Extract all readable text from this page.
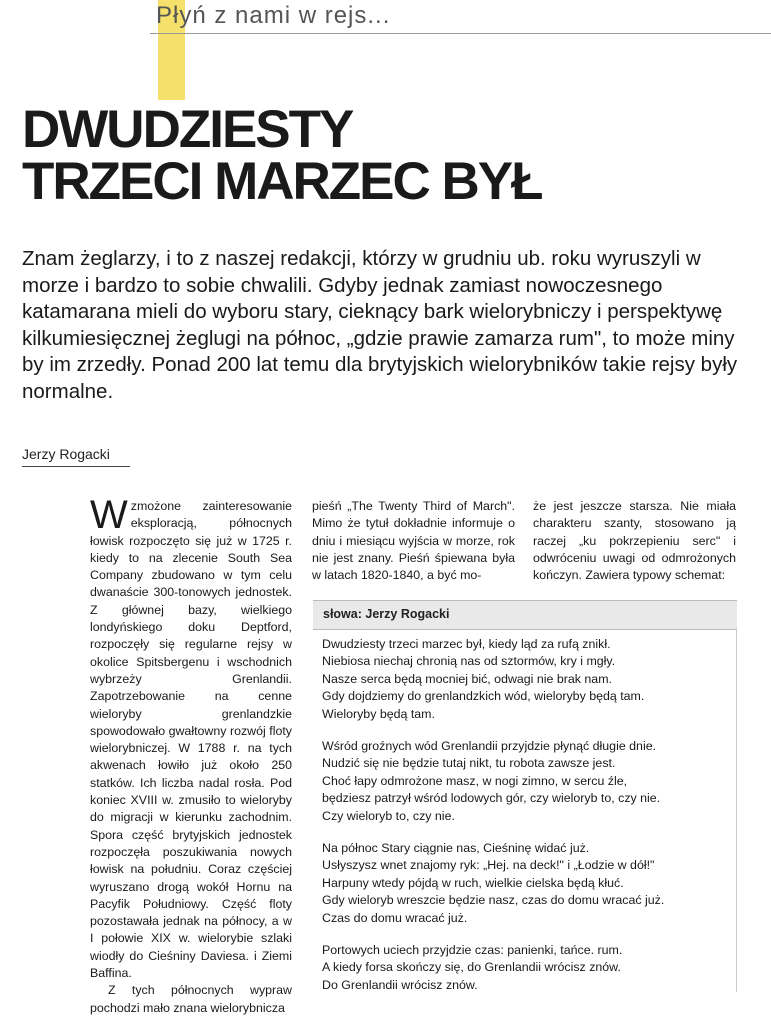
Płyń z nami w rejs...
DWUDZIESTY
TRZECI MARZEC BYŁ

Znam żeglarzy, i to z naszej redakcji, którzy w grudniu ub. roku wyruszyli w morze i bardzo to sobie chwalili. Gdyby jednak zamiast nowoczesnego katamarana mieli do wyboru stary, cieknący bark wielorybniczy i perspektywę kilkumiesięcznej żeglugi na północ, „gdzie prawie zamarza rum", to może miny by im zrzedły. Ponad 200 lat temu dla brytyjskich wielorybników takie rejsy były normalne.

Jerzy Rogacki
Wzmożone zainteresowanie eksploracją, północnych łowisk rozpoczęto się już w 1725 r. kiedy to na zlecenie South Sea Company zbudowano w tym celu dwanaście 300-tonowych jednostek. Z głównej bazy, wielkiego londyńskiego doku Deptford, rozpoczęły się regularne rejsy w okolice Spitsbergenu i wschodnich wybrzeży Grenlandii. Zapotrzebowanie na cenne wieloryby grenlandzkie spowodowało gwałtowny rozwój floty wielorybniczej. W 1788 r. na tych akwenach łowiło już około 250 statków. Ich liczba nadal rosła. Pod koniec XVIII w. zmusiło to wieloryby do migracji w kierunku zachodnim. Spora część brytyjskich jednostek rozpoczęła poszukiwania nowych łowisk na południu. Coraz częściej wyruszano drogą wokół Hornu na Pacyfik Południowy. Część floty pozostawała jednak na północy, a w I połowie XIX w. wielorybie szlaki wiodły do Cieśniny Daviesa. i Ziemi Baffina.
Z tych północnych wypraw pochodzi mało znana wielorybnicza
pieśń „The Twenty Third of March". Mimo że tytuł dokładnie informuje o dniu i miesiącu wyjścia w morze, rok nie jest znany. Pieśń śpiewana była w latach 1820-1840, a być mo-
że jest jeszcze starsza. Nie miała charakteru szanty, stosowano ją raczej „ku pokrzepieniu serc" i odwróceniu uwagi od odmrożonych kończyn. Zawiera typowy schemat:
słowa: Jerzy Rogacki

Dwudziesty trzeci marzec był, kiedy ląd za rufą znikł.
Niebiosa niechaj chronią nas od sztormów, kry i mgły.
Nasze serca będą mocniej bić, odwagi nie brak nam.
Gdy dojdziemy do grenlandzkich wód, wieloryby będą tam.
Wieloryby będą tam.

Wśród groźnych wód Grenlandii przyjdzie płynąć długie dnie.
Nudzić się nie będzie tutaj nikt, tu robota zawsze jest.
Choć łapy odmrożone masz, w nogi zimno, w sercu źle,
będziesz patrzył wśród lodowych gór, czy wieloryb to, czy nie.
Czy wieloryb to, czy nie.

Na północ Stary ciągnie nas, Cieśninę widać już.
Usłyszysz wnet znajomy ryk: „Hej. na deck!" i „Łodzie w dół!"
Harpuny wtedy pójdą w ruch, wielkie cielska będą kłuć.
Gdy wieloryb wreszcie będzie nasz, czas do domu wracać już.
Czas do domu wracać już.

Portowych uciech przyjdzie czas: panienki, tańce. rum.
A kiedy forsa skończy się, do Grenlandii wrócisz znów.
Do Grenlandii wrócisz znów.
